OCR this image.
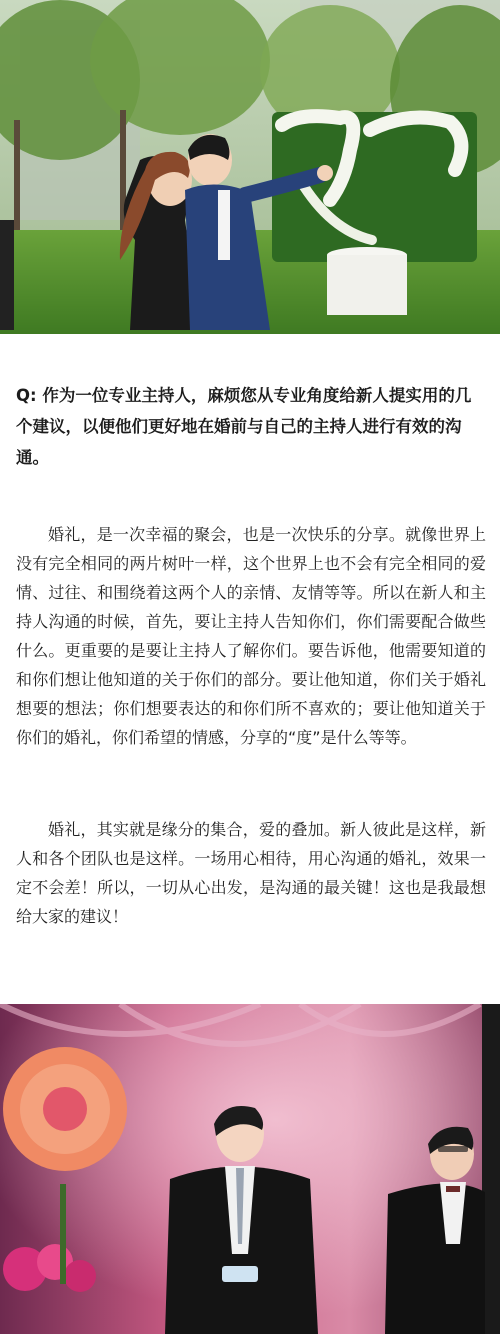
Q: 作为一位专业主持人，麻烦您从专业角度给新人提实用的几个建议，以便他们更好地在婚前与自己的主持人进行有效的沟通。

婚礼，是一次幸福的聚会，也是一次快乐的分享。就像世界上没有完全相同的两片树叶一样，这个世界上也不会有完全相同的爱情、过往、和围绕着这两个人的亲情、友情等等。所以在新人和主持人沟通的时候，首先，要让主持人告知你们，你们需要配合做些什么。更重要的是要让主持人了解你们。要告诉他，他需要知道的和你们想让他知道的关于你们的部分。要让他知道，你们关于婚礼想要的想法；你们想要表达的和你们所不喜欢的；要让他知道关于你们的婚礼，你们希望的情感，分享的“度”是什么等等。

婚礼，其实就是缘分的集合，爱的叠加。新人彼此是这样，新人和各个团队也是这样。一场用心相待，用心沟通的婚礼，效果一定不会差！所以，一切从心出发，是沟通的最关键！这也是我最想给大家的建议！
